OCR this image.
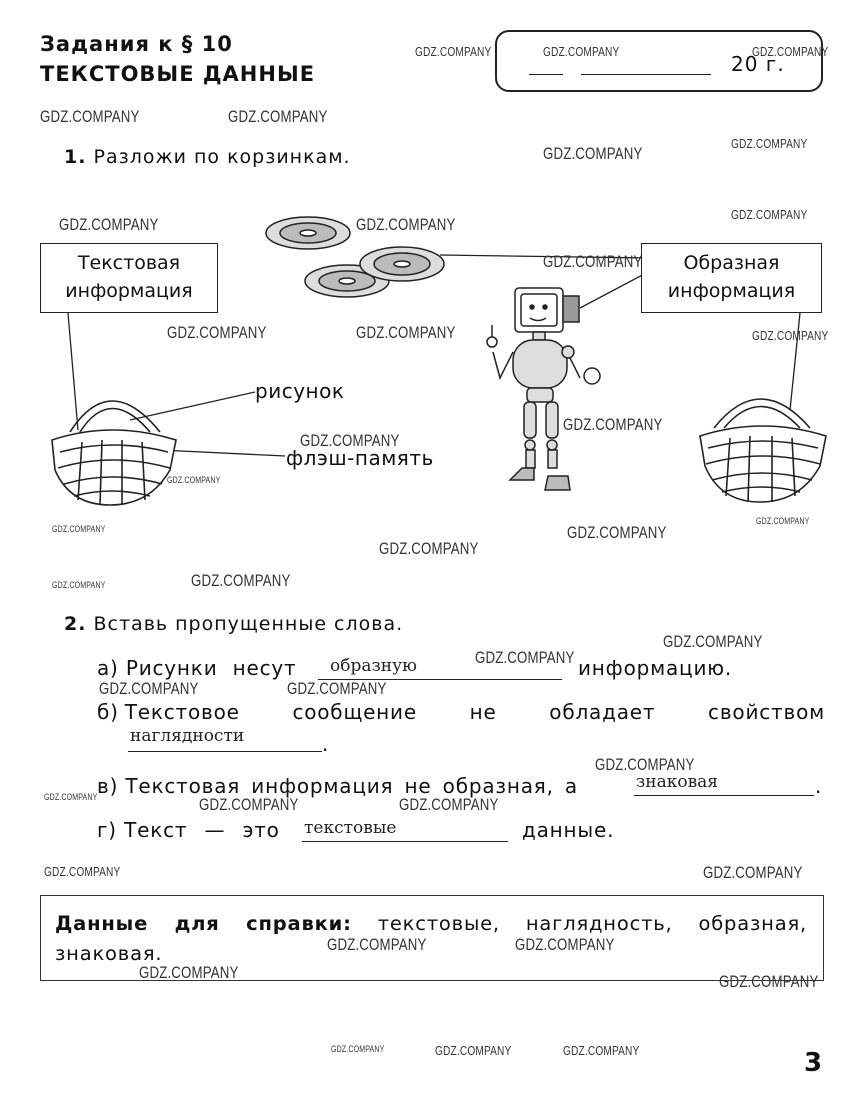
Задания к § 10
ТЕКСТОВЫЕ ДАННЫЕ	20 г.
1. Разложи по корзинкам.
Текстовая
информация
Образная
информация
рисунок
флэш-память
2. Вставь пропущенные слова.
а) Рисунки несут	образную	информацию.
б) Текстовое сообщение не обладает свойством
наглядности	.
в) Текстовая информация не образная, а	знаковая	.
г) Текст — это текстовые	данные.
Данные для справки: текстовые, наглядность, образная, знаковая.
3
GDZ.COMPANY	GDZ.COMPANY	GDZ.COMPANY
GDZ.COMPANY	GDZ.COMPANY
GDZ.COMPANY
GDZ.COMPANY
GDZ.COMPANY
GDZ.COMPANY	GDZ.COMPANY
GDZ.COMPANY
GDZ.COMPANY	GDZ.COMPANY	GDZ.COMPANY
GDZ.COMPANY
GDZ.COMPANY
GDZ.COMPANY
GDZ.COMPANY
GDZ.COMPANY	GDZ.COMPANY
GDZ.COMPANY
GDZ.COMPANY	GDZ.COMPANY
GDZ.COMPANY
GDZ.COMPANY
GDZ.COMPANY	GDZ.COMPANY
GDZ.COMPANY
GDZ.COMPANY	GDZ.COMPANY	GDZ.COMPANY
GDZ.COMPANY	GDZ.COMPANY
GDZ.COMPANY	GDZ.COMPANY
GDZ.COMPANY	GDZ.COMPANY
GDZ.COMPANY	GDZ.COMPANY	GDZ.COMPANY
